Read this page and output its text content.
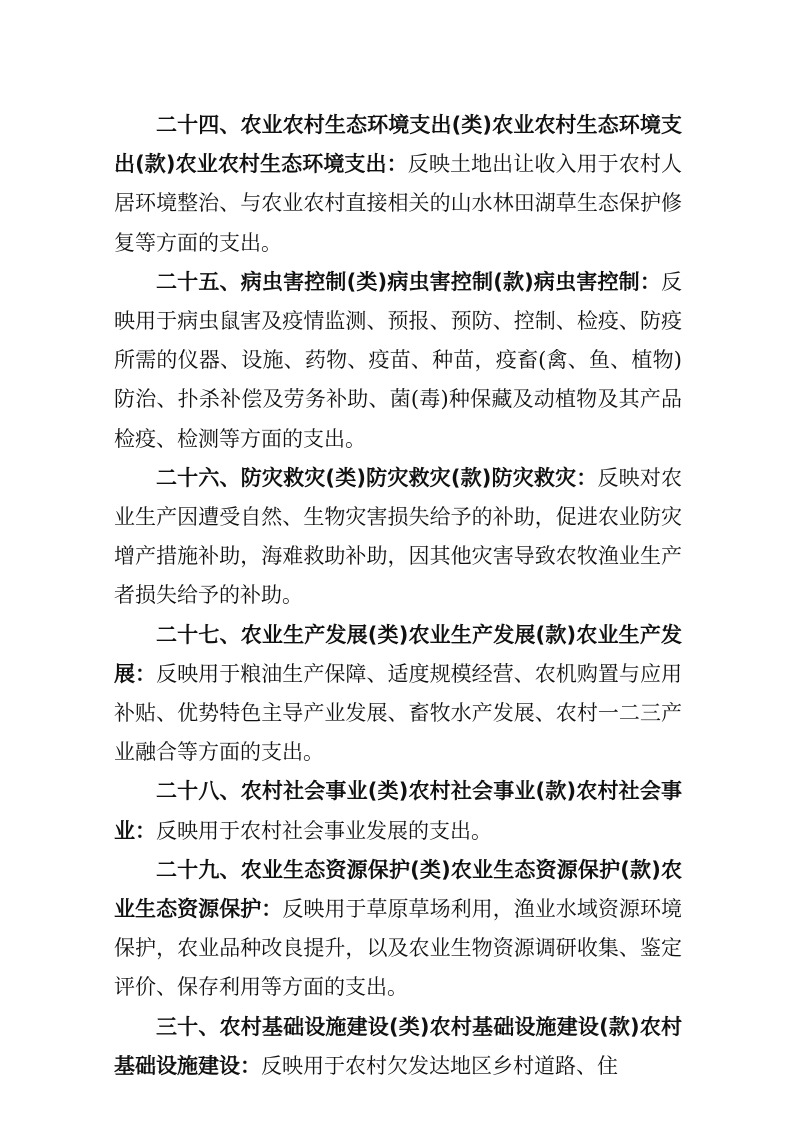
二十四、农业农村生态环境支出(类)农业农村生态环境支出(款)农业农村生态环境支出：反映土地出让收入用于农村人居环境整治、与农业农村直接相关的山水林田湖草生态保护修复等方面的支出。

二十五、病虫害控制(类)病虫害控制(款)病虫害控制：反映用于病虫鼠害及疫情监测、预报、预防、控制、检疫、防疫所需的仪器、设施、药物、疫苗、种苗，疫畜(禽、鱼、植物)防治、扑杀补偿及劳务补助、菌(毒)种保藏及动植物及其产品检疫、检测等方面的支出。

二十六、防灾救灾(类)防灾救灾(款)防灾救灾：反映对农业生产因遭受自然、生物灾害损失给予的补助，促进农业防灾增产措施补助，海难救助补助，因其他灾害导致农牧渔业生产者损失给予的补助。

二十七、农业生产发展(类)农业生产发展(款)农业生产发展：反映用于粮油生产保障、适度规模经营、农机购置与应用补贴、优势特色主导产业发展、畜牧水产发展、农村一二三产业融合等方面的支出。

二十八、农村社会事业(类)农村社会事业(款)农村社会事业：反映用于农村社会事业发展的支出。

二十九、农业生态资源保护(类)农业生态资源保护(款)农业生态资源保护：反映用于草原草场利用，渔业水域资源环境保护，农业品种改良提升，以及农业生物资源调研收集、鉴定评价、保存利用等方面的支出。

三十、农村基础设施建设(类)农村基础设施建设(款)农村基础设施建设：反映用于农村欠发达地区乡村道路、住
